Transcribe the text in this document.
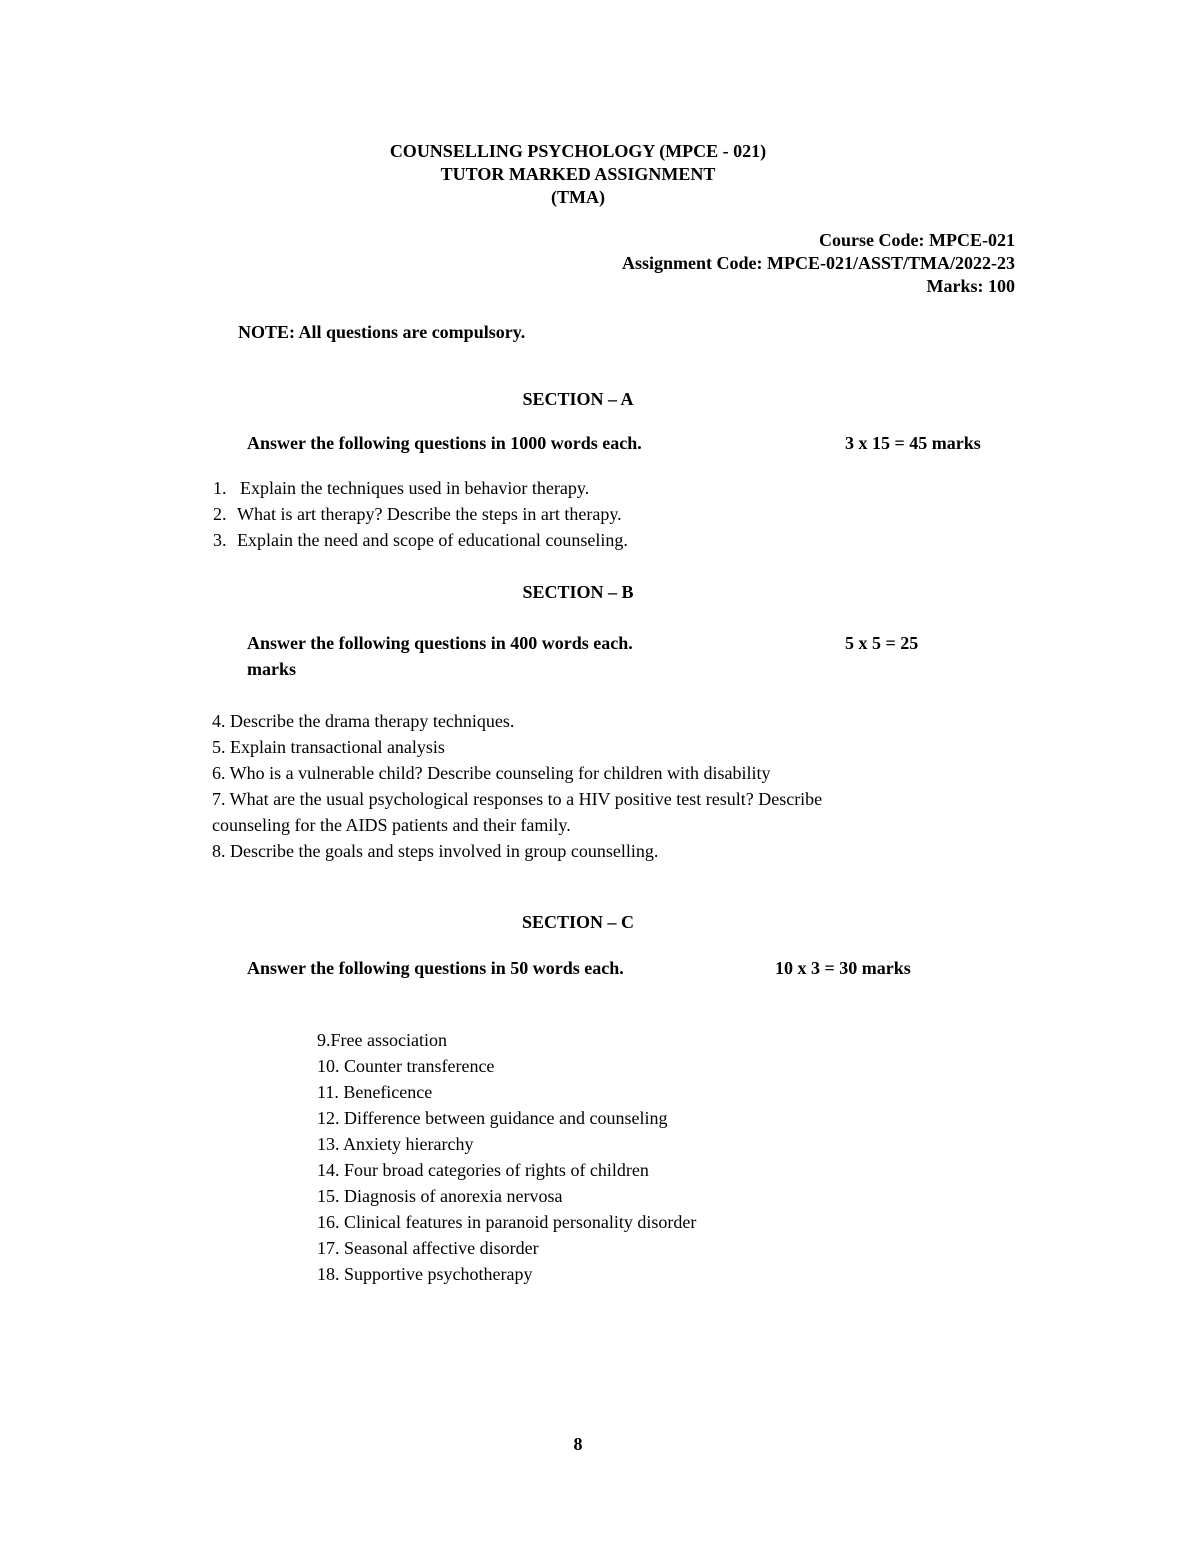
COUNSELLING PSYCHOLOGY (MPCE - 021)
TUTOR MARKED ASSIGNMENT
(TMA)
Course Code: MPCE-021
Assignment Code: MPCE-021/ASST/TMA/2022-23
Marks: 100
NOTE: All questions are compulsory.
SECTION – A
Answer the following questions in 1000 words each.	3 x 15 = 45 marks
1. Explain the techniques used in behavior therapy.
2. What is art therapy? Describe the steps in art therapy.
3. Explain the need and scope of educational counseling.
SECTION – B
Answer the following questions in 400 words each.	5 x 5 = 25
marks
4. Describe the drama therapy techniques.
5. Explain transactional analysis
6. Who is a vulnerable child? Describe counseling for children with disability
7. What are the usual psychological responses to a HIV positive test result? Describe counseling for the AIDS patients and their family.
8. Describe the goals and steps involved in group counselling.
SECTION – C
Answer the following questions in 50 words each.	10 x 3 = 30 marks
9.Free association
10. Counter transference
11. Beneficence
12. Difference between guidance and counseling
13. Anxiety hierarchy
14. Four broad categories of rights of children
15. Diagnosis of anorexia nervosa
16. Clinical features in paranoid personality disorder
17. Seasonal affective disorder
18. Supportive psychotherapy
8
